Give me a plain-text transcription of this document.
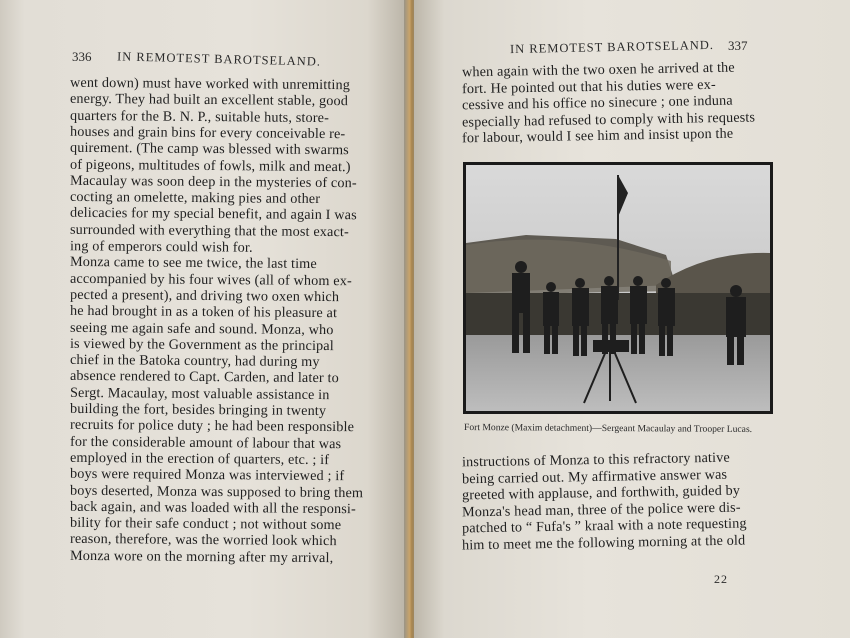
336 IN REMOTEST BAROTSELAND.
went down) must have worked with unremitting
energy. They had built an excellent stable, good
quarters for the B. N. P., suitable huts, store-
houses and grain bins for every conceivable re-
quirement. (The camp was blessed with swarms
of pigeons, multitudes of fowls, milk and meat.)
Macaulay was soon deep in the mysteries of con-
cocting an omelette, making pies and other
delicacies for my special benefit, and again I was
surrounded with everything that the most exact-
ing of emperors could wish for.
Monza came to see me twice, the last time
accompanied by his four wives (all of whom ex-
pected a present), and driving two oxen which
he had brought in as a token of his pleasure at
seeing me again safe and sound. Monza, who
is viewed by the Government as the principal
chief in the Batoka country, had during my
absence rendered to Capt. Carden, and later to
Sergt. Macaulay, most valuable assistance in
building the fort, besides bringing in twenty
recruits for police duty ; he had been responsible
for the considerable amount of labour that was
employed in the erection of quarters, etc. ; if
boys were required Monza was interviewed ; if
boys deserted, Monza was supposed to bring them
back again, and was loaded with all the responsi-
bility for their safe conduct ; not without some
reason, therefore, was the worried look which
Monza wore on the morning after my arrival,
IN REMOTEST BAROTSELAND. 337
when again with the two oxen he arrived at the
fort. He pointed out that his duties were ex-
cessive and his office no sinecure ; one induna
especially had refused to comply with his requests
for labour, would I see him and insist upon the
Fort Monze (Maxim detachment)—Sergeant Macaulay and Trooper Lucas.
instructions of Monza to this refractory native
being carried out. My affirmative answer was
greeted with applause, and forthwith, guided by
Monza's head man, three of the police were dis-
patched to “ Fufa's ” kraal with a note requesting
him to meet me the following morning at the old
22
